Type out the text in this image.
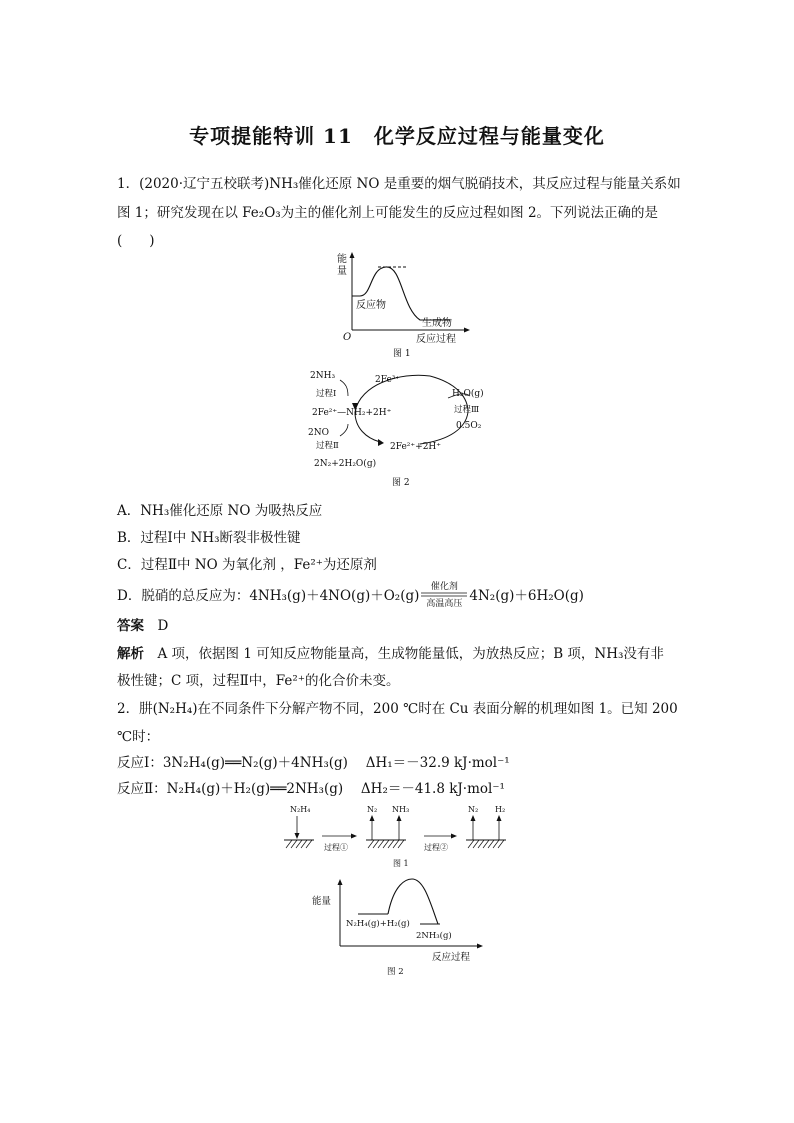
专项提能特训 11　化学反应过程与能量变化
1．(2020·辽宁五校联考)NH₃催化还原 NO 是重要的烟气脱硝技术，其反应过程与能量关系如
图 1；研究发现在以 Fe₂O₃为主的催化剂上可能发生的反应过程如图 2。下列说法正确的是
(　　)
能
量
O
反应物
生成物
反应过程
图 1
2NH₃
过程Ⅰ
2Fe³⁺
2Fe²⁺—NH₂+2H⁺
2NO
过程Ⅱ	2Fe²⁺+2H⁺
2N₂+2H₂O(g)
H₂O(g)
过程Ⅲ
0.5O₂
图 2
A．NH₃催化还原 NO 为吸热反应
B．过程Ⅰ中 NH₃断裂非极性键
C．过程Ⅱ中 NO 为氧化剂 ，Fe²⁺为还原剂
D．脱硝的总反应为：4NH₃(g)＋4NO(g)＋O₂(g)
催化剂
高温高压 4N₂(g)＋6H₂O(g)
答案　 D
解析　 A 项，依据图 1 可知反应物能量高，生成物能量低，为放热反应；B 项，NH₃没有非
极性键；C 项，过程Ⅱ中，Fe²⁺的化合价未变。
2．肼(N₂H₄)在不同条件下分解产物不同，200 ℃时在 Cu 表面分解的机理如图 1。已知 200
℃时：
反应Ⅰ：3N₂H₄(g)══N₂(g)＋4NH₃(g)　 ΔH₁＝－32.9 kJ·mol⁻¹
反应Ⅱ：N₂H₄(g)＋H₂(g)══2NH₃(g)　 ΔH₂＝－41.8 kJ·mol⁻¹
N₂H₄
过程①
N₂ NH₃
过程②
N₂ H₂
图 1
能量
N₂H₄(g)+H₂(g)
2NH₃(g)
反应过程
图 2
